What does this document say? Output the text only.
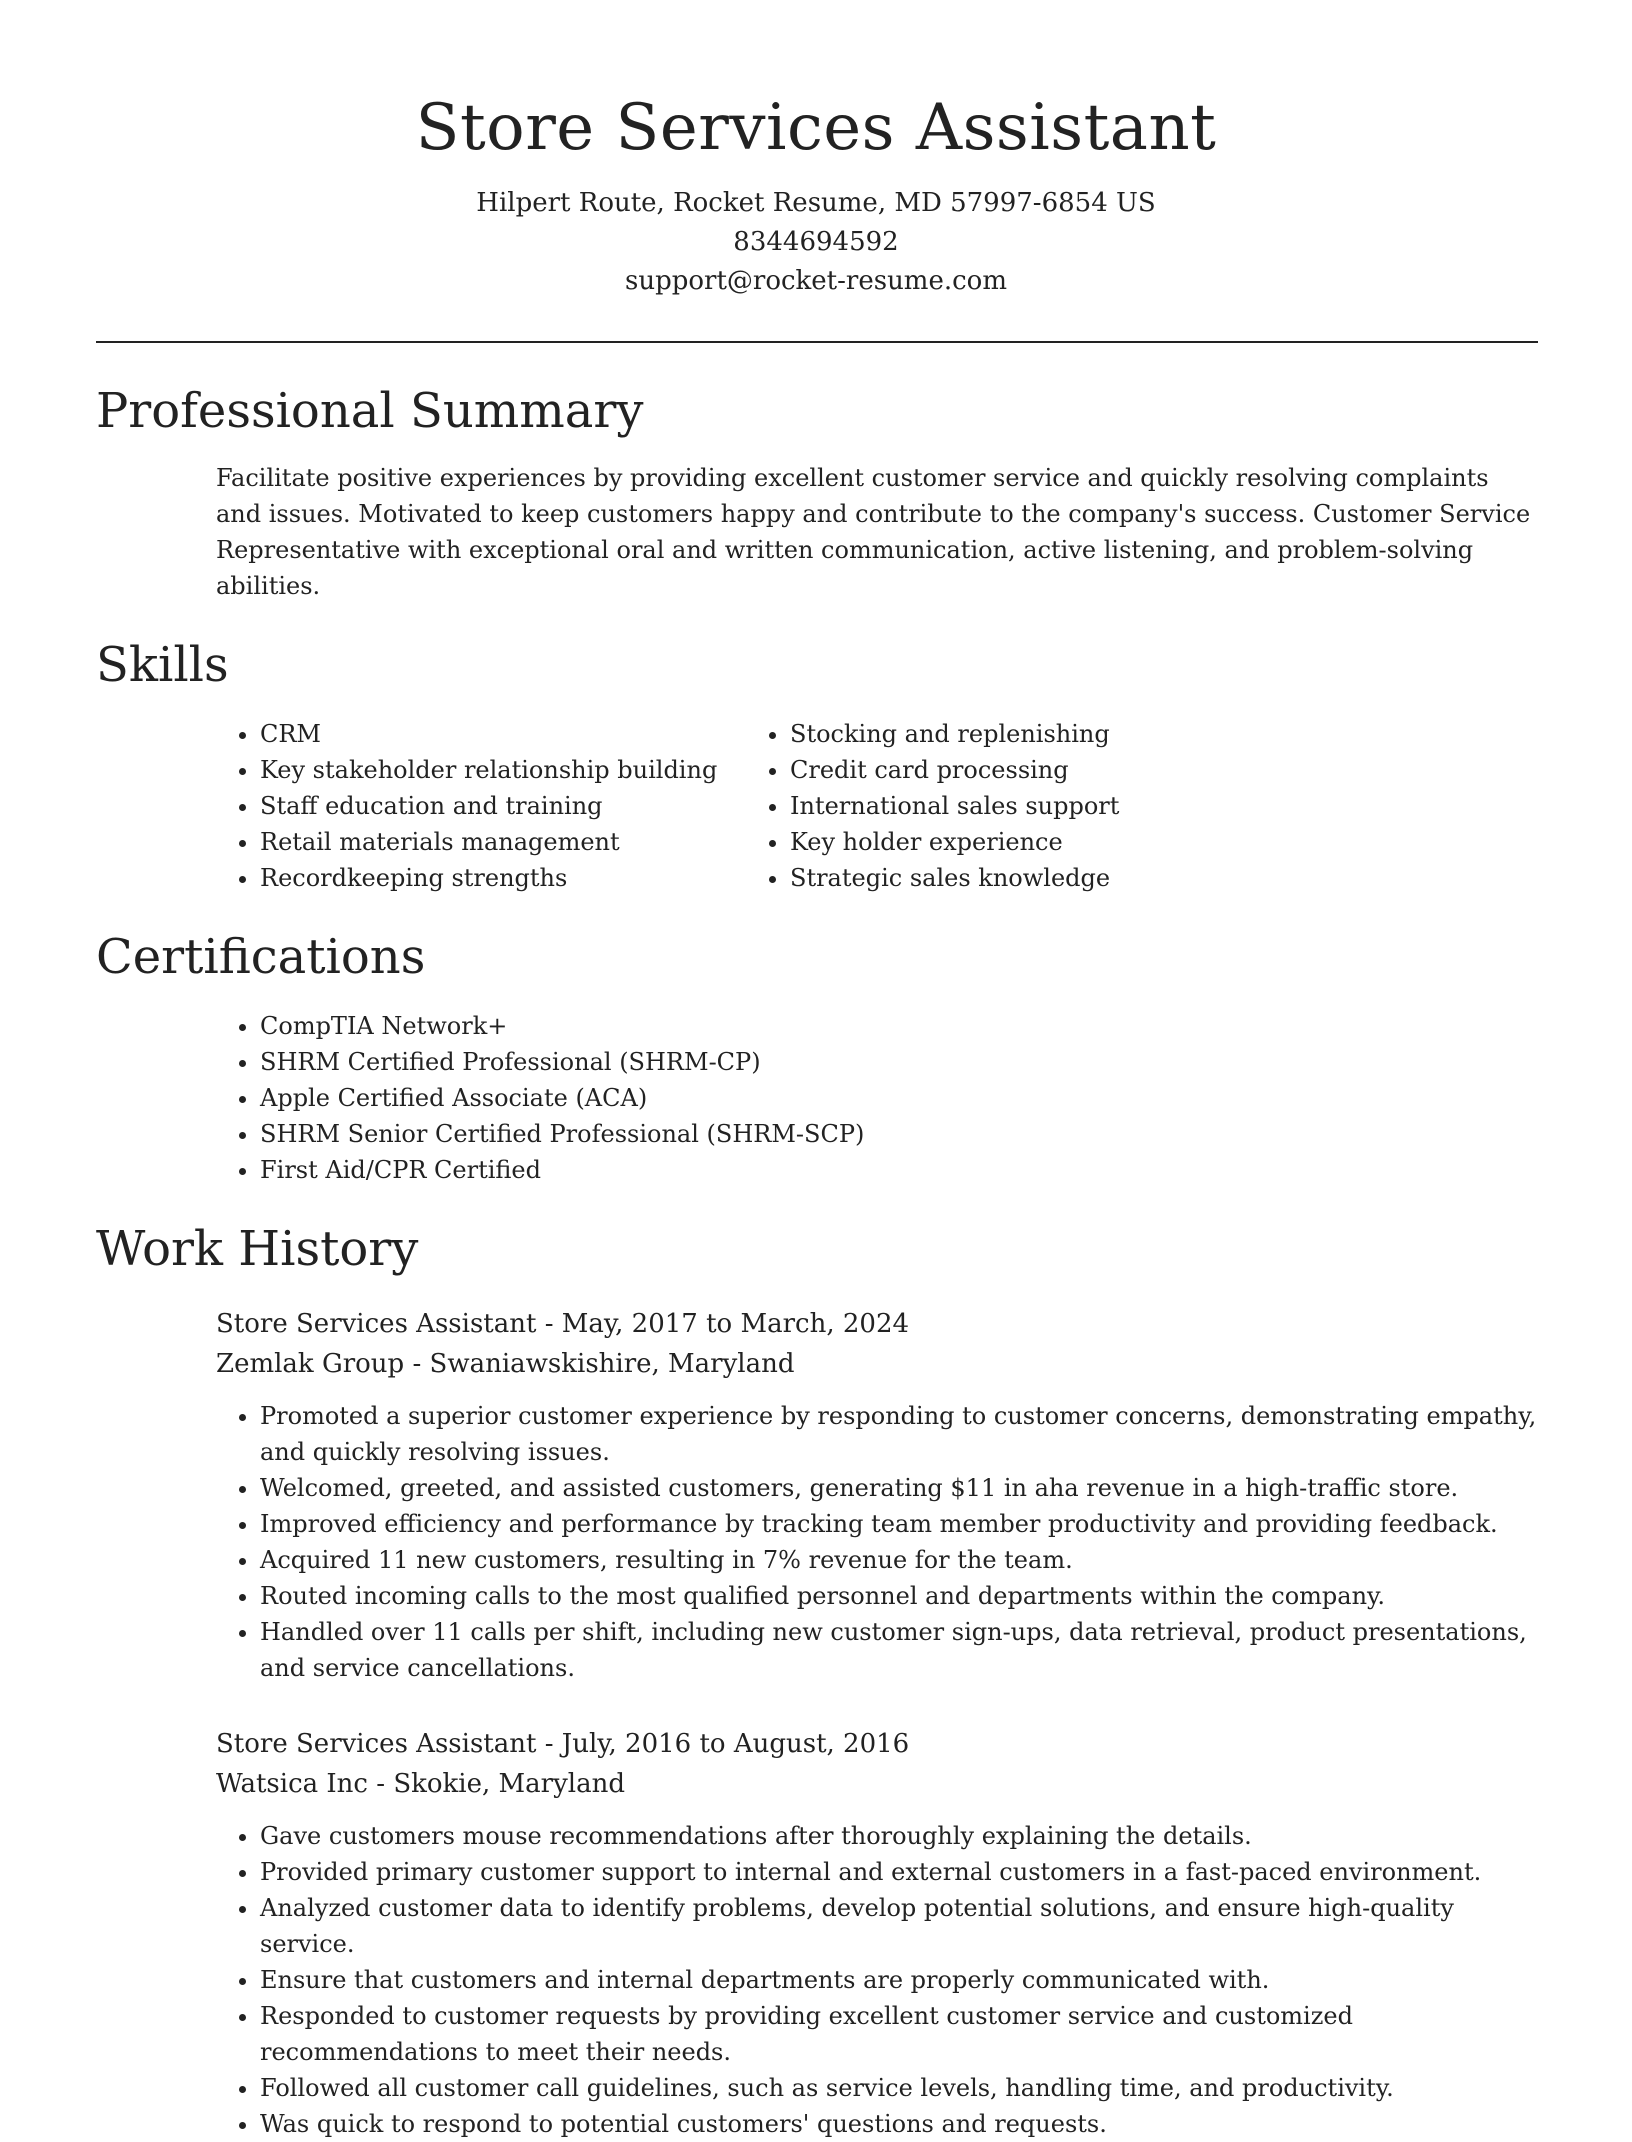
Store Services Assistant
Hilpert Route, Rocket Resume, MD 57997-6854 US
8344694592
support@rocket-resume.com
Professional Summary
Facilitate positive experiences by providing excellent customer service and quickly resolving complaints and issues. Motivated to keep customers happy and contribute to the company's success. Customer Service Representative with exceptional oral and written communication, active listening, and problem-solving abilities.
Skills
• CRM
• Key stakeholder relationship building
• Staff education and training
• Retail materials management
• Recordkeeping strengths
• Stocking and replenishing
• Credit card processing
• International sales support
• Key holder experience
• Strategic sales knowledge
Certifications
• CompTIA Network+
• SHRM Certified Professional (SHRM-CP)
• Apple Certified Associate (ACA)
• SHRM Senior Certified Professional (SHRM-SCP)
• First Aid/CPR Certified
Work History
Store Services Assistant - May, 2017 to March, 2024
Zemlak Group - Swaniawskishire, Maryland
• Promoted a superior customer experience by responding to customer concerns, demonstrating empathy, and quickly resolving issues.
• Welcomed, greeted, and assisted customers, generating $11 in aha revenue in a high-traffic store.
• Improved efficiency and performance by tracking team member productivity and providing feedback.
• Acquired 11 new customers, resulting in 7% revenue for the team.
• Routed incoming calls to the most qualified personnel and departments within the company.
• Handled over 11 calls per shift, including new customer sign-ups, data retrieval, product presentations, and service cancellations.
Store Services Assistant - July, 2016 to August, 2016
Watsica Inc - Skokie, Maryland
• Gave customers mouse recommendations after thoroughly explaining the details.
• Provided primary customer support to internal and external customers in a fast-paced environment.
• Analyzed customer data to identify problems, develop potential solutions, and ensure high-quality service.
• Ensure that customers and internal departments are properly communicated with.
• Responded to customer requests by providing excellent customer service and customized recommendations to meet their needs.
• Followed all customer call guidelines, such as service levels, handling time, and productivity.
• Was quick to respond to potential customers' questions and requests.
